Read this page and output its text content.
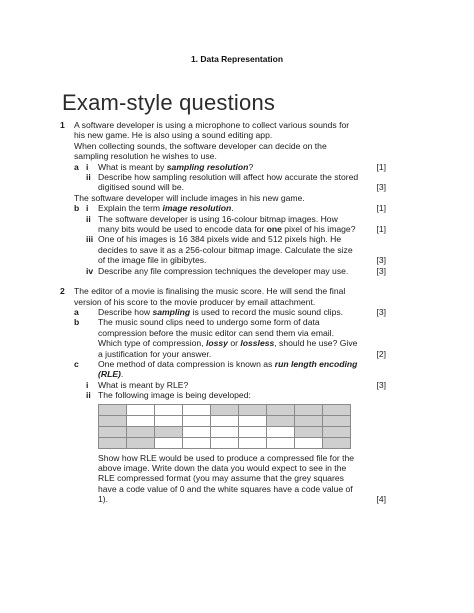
1. Data Representation
Exam-style questions
1 A software developer is using a microphone to collect various sounds for his new game. He is also using a sound editing app.
When collecting sounds, the software developer can decide on the sampling resolution he wishes to use.
a i What is meant by sampling resolution?	[1]
ii Describe how sampling resolution will affect how accurate the stored digitised sound will be.	[3]
The software developer will include images in his new game.
b i Explain the term image resolution.	[1]
ii The software developer is using 16-colour bitmap images. How many bits would be used to encode data for one pixel of his image? [1]
iii One of his images is 16 384 pixels wide and 512 pixels high. He decides to save it as a 256-colour bitmap image. Calculate the size of the image file in gibibytes.	[3]
iv Describe any file compression techniques the developer may use.	[3]
2 The editor of a movie is finalising the music score. He will send the final version of his score to the movie producer by email attachment.
a Describe how sampling is used to record the music sound clips.	[3]
b The music sound clips need to undergo some form of data compression before the music editor can send them via email. Which type of compression, lossy or lossless, should he use? Give a justification for your answer.	[2]
c One method of data compression is known as run length encoding (RLE).
i What is meant by RLE?	[3]
ii The following image is being developed:

Show how RLE would be used to produce a compressed file for the above image. Write down the data you would expect to see in the RLE compressed format (you may assume that the grey squares have a code value of 0 and the white squares have a code value of 1).	[4]
